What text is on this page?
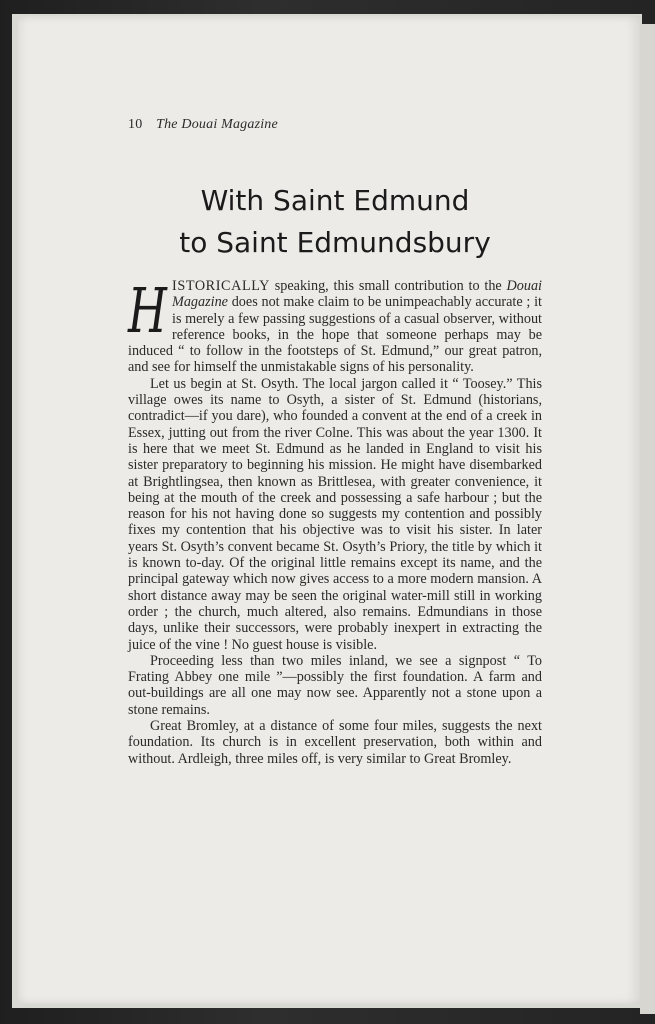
10 The Douai Magazine
With Saint Edmund
to Saint Edmundsbury

HISTORICALLY speaking, this small contribution to the Douai Magazine does not make claim to be unimpeachably accurate ; it is merely a few passing suggestions of a casual observer, without reference books, in the hope that someone perhaps may be induced “ to follow in the footsteps of St. Edmund,” our great patron, and see for himself the unmistakable signs of his personality.

Let us begin at St. Osyth. The local jargon called it “ Toosey.” This village owes its name to Osyth, a sister of St. Edmund (historians, contradict—if you dare), who founded a convent at the end of a creek in Essex, jutting out from the river Colne. This was about the year 1300. It is here that we meet St. Edmund as he landed in England to visit his sister preparatory to beginning his mission. He might have disembarked at Brightlingsea, then known as Brittlesea, with greater convenience, it being at the mouth of the creek and possessing a safe harbour ; but the reason for his not having done so suggests my contention and possibly fixes my contention that his objective was to visit his sister. In later years St. Osyth’s convent became St. Osyth’s Priory, the title by which it is known to-day. Of the original little remains except its name, and the principal gateway which now gives access to a more modern mansion. A short distance away may be seen the original water-mill still in working order ; the church, much altered, also remains. Edmundians in those days, unlike their successors, were probably inexpert in extracting the juice of the vine ! No guest house is visible.

Proceeding less than two miles inland, we see a signpost “ To Frating Abbey one mile ”—possibly the first foundation. A farm and out-buildings are all one may now see. Apparently not a stone upon a stone remains.

Great Bromley, at a distance of some four miles, suggests the next foundation. Its church is in excellent preservation, both within and without. Ardleigh, three miles off, is very similar to Great Bromley.
